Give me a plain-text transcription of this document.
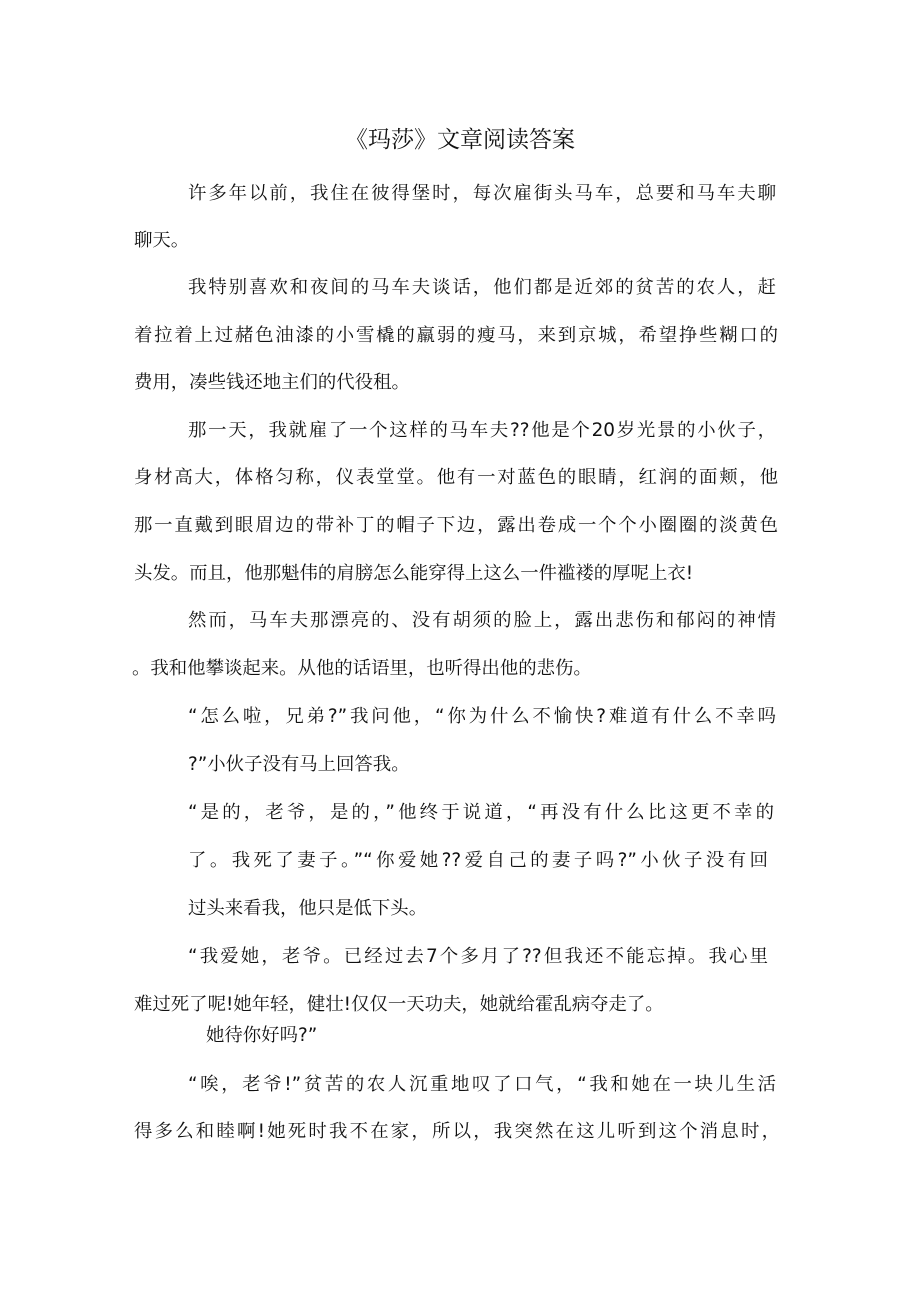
《玛莎》文章阅读答案
许多年以前，我住在彼得堡时，每次雇街头马车，总要和马车夫聊
聊天。
我特别喜欢和夜间的马车夫谈话，他们都是近郊的贫苦的农人，赶
着拉着上过赭色油漆的小雪橇的羸弱的瘦马，来到京城，希望挣些糊口的
费用，凑些钱还地主们的代役租。
那一天，我就雇了一个这样的马车夫??他是个20岁光景的小伙子，
身材高大，体格匀称，仪表堂堂。他有一对蓝色的眼睛，红润的面颊，他
那一直戴到眼眉边的带补丁的帽子下边，露出卷成一个个小圈圈的淡黄色
头发。而且，他那魁伟的肩膀怎么能穿得上这么一件褴褛的厚呢上衣!
然而，马车夫那漂亮的、没有胡须的脸上，露出悲伤和郁闷的神情
。我和他攀谈起来。从他的话语里，也听得出他的悲伤。
“怎么啦，兄弟?”我问他，“你为什么不愉快?难道有什么不幸吗
?”小伙子没有马上回答我。
“是的，老爷，是的，”他终于说道，“再没有什么比这更不幸的
了。我死了妻子。”“你爱她??爱自己的妻子吗?”小伙子没有回
过头来看我，他只是低下头。
“我爱她，老爷。已经过去7个多月了??但我还不能忘掉。我心里
难过死了呢!她年轻，健壮!仅仅一天功夫，她就给霍乱病夺走了。
她待你好吗?”
“唉，老爷!”贫苦的农人沉重地叹了口气，“我和她在一块儿生活
得多么和睦啊!她死时我不在家，所以，我突然在这儿听到这个消息时，
